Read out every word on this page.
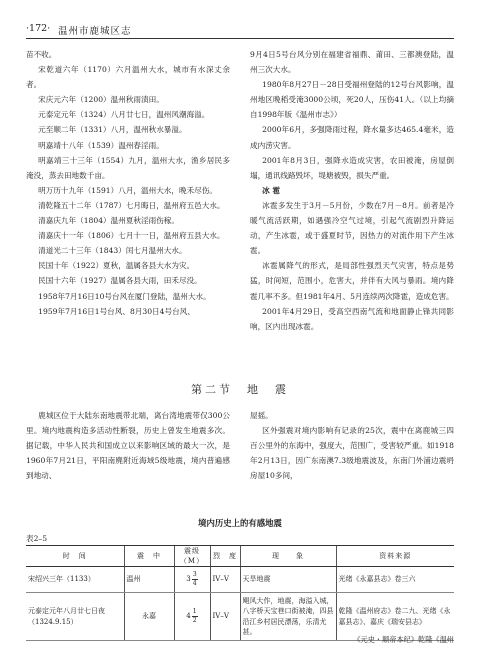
·172· 温州市鹿城区志

苗不收。

宋乾道六年（1170）六月温州大水，城市有水深丈余者。

宋庆元六年（1200）温州秋雨渍田。

元泰定元年（1324）八月廿七日，温州风潮海溢。

元至顺二年（1331）八月，温州秋水暴溢。

明嘉靖十八年（1539）温州春淫雨。

明嘉靖三十三年（1554）九月，温州大水，渔乡居民多淹没，蒸去田地数千亩。

明万历十九年（1591）八月，温州大水，晚禾尽伤。

清乾隆五十二年（1787）七月晦日，温州府五邑大水。

清嘉庆九年（1804）温州夏秋淫雨伤稼。

清嘉庆十一年（1806）七月十一日，温州府五县大水。

清道光二十三年（1843）闰七月温州大水。

民国十年（1922）夏秋，温属各县大水为灾。

民国十六年（1927）温属各县大雨，田禾尽没。

1958年7月16日10号台风在厦门登陆，温州大水。

1959年7月16日1号台风、8月30日4号台风、

9月4日5号台风分别在福建省福鼎、莆田、三都澳登陆，温州三次大水。

1980年8月27日－28日受福州登陆的12号台风影响，温州地区晚稻受淹3000公顷，死20人，压伤41人。（以上均摘自1998年版《温州市志》）

2000年6月，多强降雨过程，降水量多达465.4毫米，造成内涝灾害。

2001年8月3日，强降水造成灾害，农田被淹，房屋倒塌，通讯线路毁坏，堤塘被毁，损失严重。

冰 雹

冰雹多发生于3月－5月份，少数在7月－8月。前者是冷暖气流活跃期，如遇强冷空气过境，引起气流剧烈升降运动，产生冰雹，或于盛夏时节，因热力的对流作用下产生冰雹。

冰雹属降气的形式，是局部性强烈天气灾害，特点是势猛，时间短，范围小，危害大，并伴有大风与暴雨。境内降雹几率不多。但1981年4月、5月连续两次降雹，造成危害。

2001年4月29日，受高空西南气流和地面静止锋共同影响，区内出现冰雹。

第二节　地　震

鹿城区位于大陆东南地震带北端，离台湾地震带仅300公里。境内地震构造多活动性断裂，历史上曾发生地震多次。据记载，中华人民共和国成立以来影响区域的最大一次，是1960年7月21日，平阳南麂附近海域5级地震，境内普遍感到地动、

屋摇。

区外强震对境内影响有记录的25次，震中在离鹿城三四百公里外的东海中，强度大，范围广，受害较严重。如1918年2月13日，因广东南澳7.3级地震波及，东南门外浦边震坍房屋10多间，

境内历史上的有感地震
表2–5
时　间	震　中	震级（M）	烈　度	现　　象	资料来源
宋绍兴三年（1133）	温州	$3 \frac{3}{4}$	IV–V	天旱地震	光绪《永嘉县志》卷三六
元泰定元年八月廿七日夜（1324.9.15）	永嘉	$4 \frac{1}{2}$	IV–V	飓风大作，地震，海溢入城，八字桥天宝巷口街被淹，四县沿江乡村居民漂荡，乐清尤甚。	乾隆《温州府志》卷二九、光绪《永嘉县志》、嘉庆《瑞安县志》
《元史・顺帝本纪》乾隆《温州
